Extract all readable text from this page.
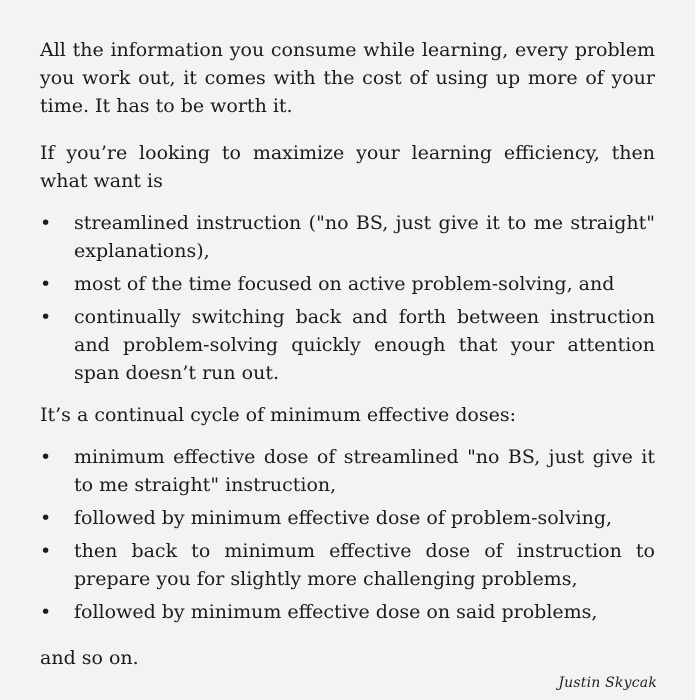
All the information you consume while learning, every problem you work out, it comes with the cost of using up more of your time. It has to be worth it.

If you’re looking to maximize your learning efficiency, then what want is

• streamlined instruction ("no BS, just give it to me straight" explanations),
• most of the time focused on active problem-solving, and
• continually switching back and forth between instruction and problem-solving quickly enough that your attention span doesn’t run out.

It’s a continual cycle of minimum effective doses:

• minimum effective dose of streamlined "no BS, just give it to me straight" instruction,
• followed by minimum effective dose of problem-solving,
• then back to minimum effective dose of instruction to prepare you for slightly more challenging problems,
• followed by minimum effective dose on said problems,

and so on.

Justin Skycak
